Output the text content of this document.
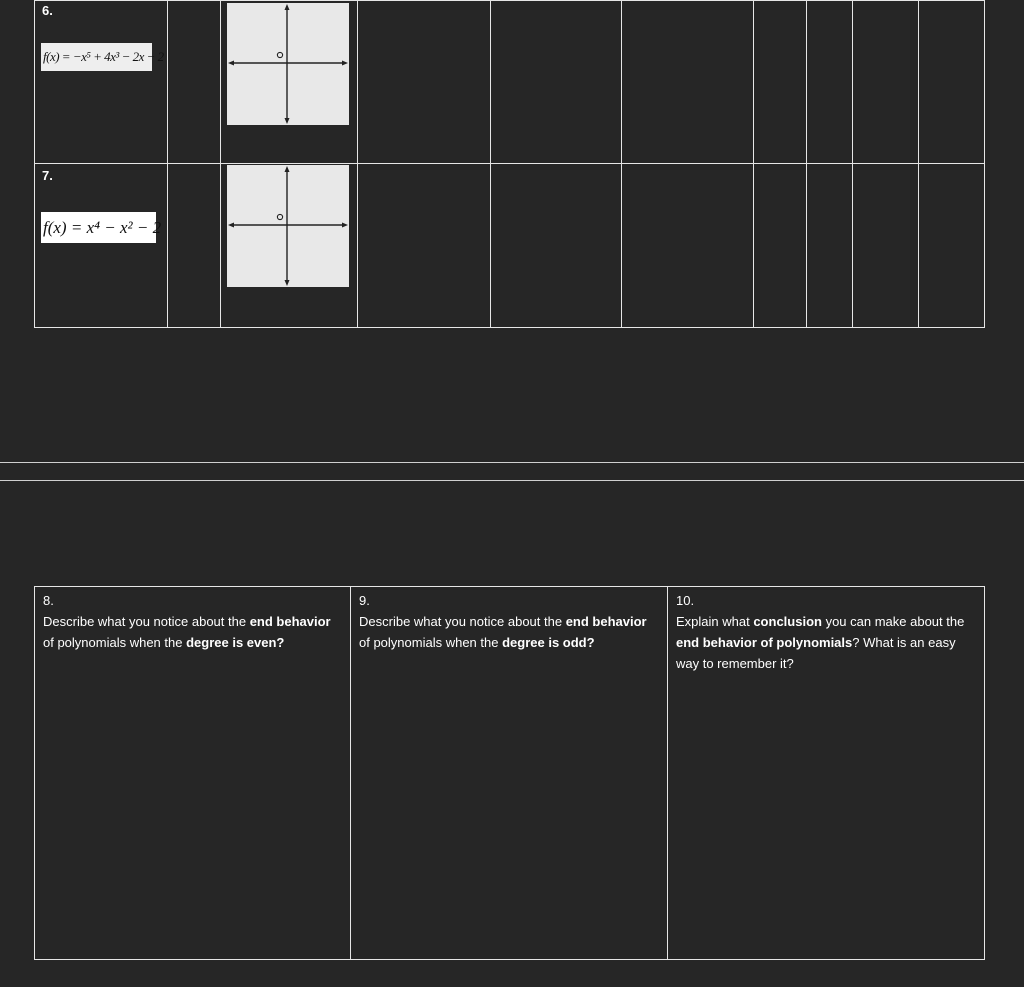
6.
f(x) = −x⁵ + 4x³ − 2x − 2

7.
f(x) = x⁴ − x² − 2

8.
Describe what you notice about the end behavior of polynomials when the degree is even?

9.
Describe what you notice about the end behavior of polynomials when the degree is odd?

10.
Explain what conclusion you can make about the end behavior of polynomials? What is an easy way to remember it?
